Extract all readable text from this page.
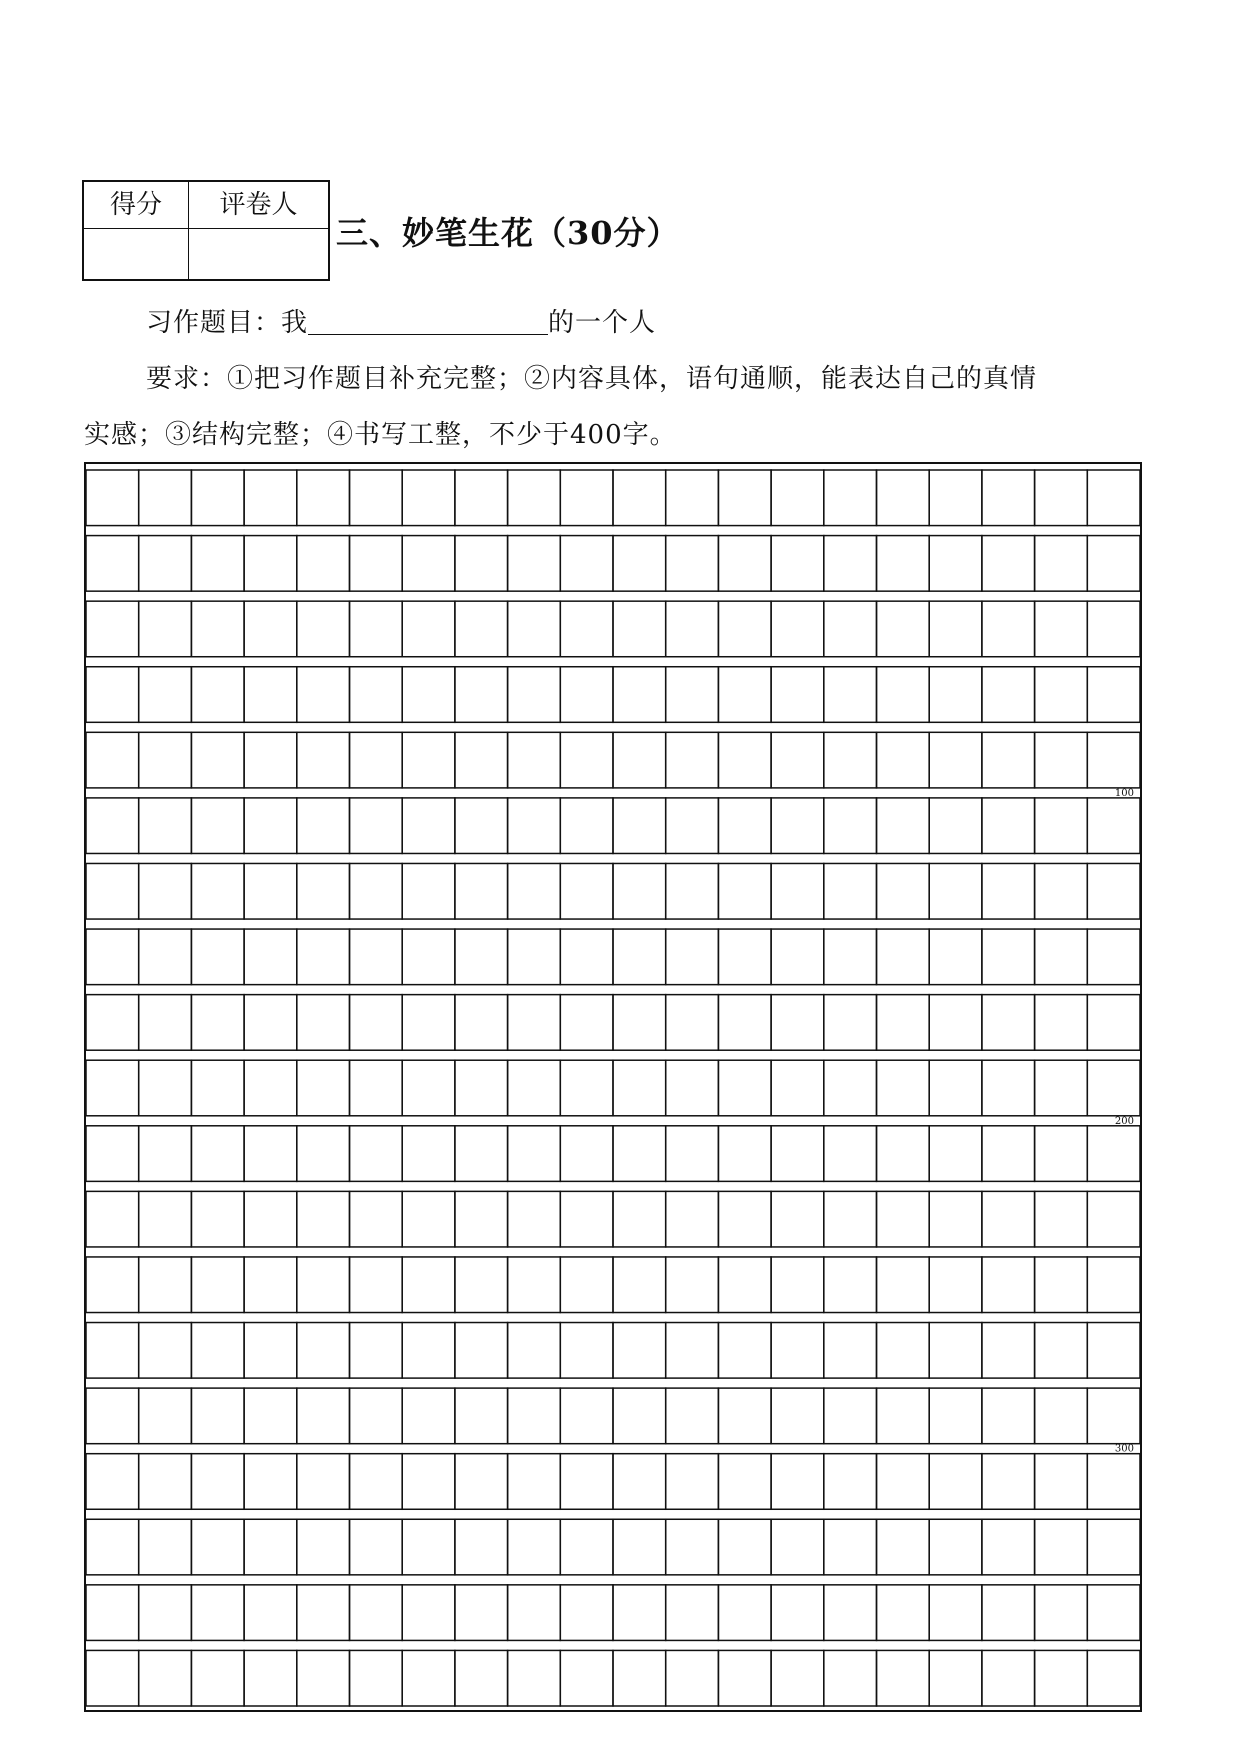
得分	评卷人

三、妙笔生花（30分）
习作题目：我	的一个人
要求：①把习作题目补充完整；②内容具体，语句通顺，能表达自己的真情
实感；③结构完整；④书写工整，不少于400字。
100
200
300
